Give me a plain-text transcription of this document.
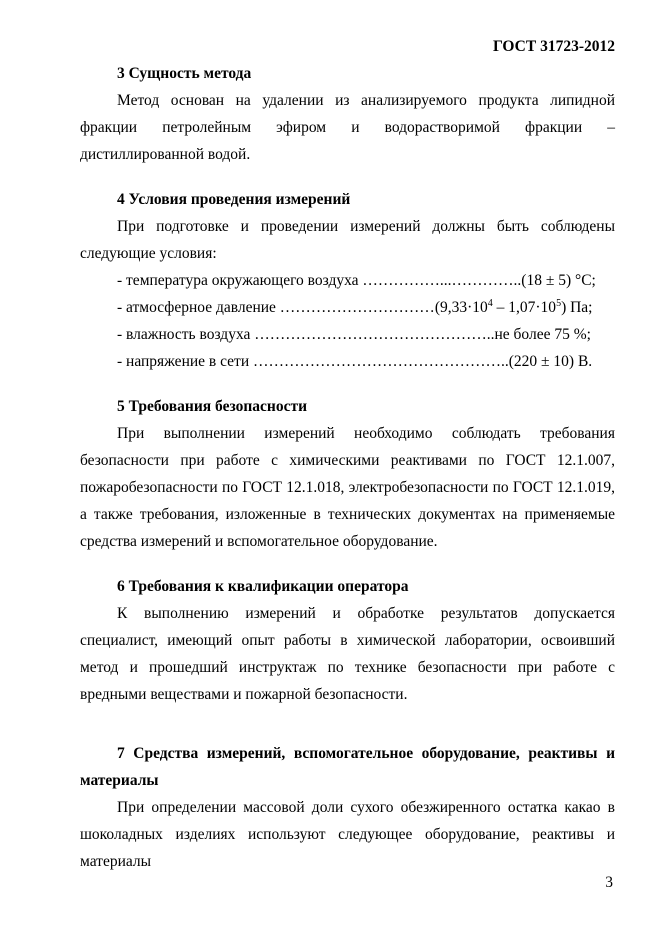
ГОСТ 31723-2012
3 Сущность метода

Метод основан на удалении из анализируемого продукта липидной фракции петролейным эфиром и водорастворимой фракции – дистиллированной водой.

4 Условия проведения измерений

При подготовке и проведении измерений должны быть соблюдены следующие условия:

- температура окружающего воздуха ……………...…………..(18 ± 5) °С;
- атмосферное давление $\dots\dots\dots\dots\dots\dots\dots\dots\dots\dots(9,33\cdot 10^4 - 1,07\cdot 10^5)$ Па;
- влажность воздуха ………………………………………..не более 75 %;
- напряжение в сети …………………………………………..(220 ± 10) В.
5 Требования безопасности

При выполнении измерений необходимо соблюдать требования безопасности при работе с химическими реактивами по ГОСТ 12.1.007, пожаробезопасности по ГОСТ 12.1.018, электробезопасности по ГОСТ 12.1.019, а также требования, изложенные в технических документах на применяемые средства измерений и вспомогательное оборудование.

6 Требования к квалификации оператора

К выполнению измерений и обработке результатов допускается специалист, имеющий опыт работы в химической лаборатории, освоивший метод и прошедший инструктаж по технике безопасности при работе с вредными веществами и пожарной безопасности.

7 Средства измерений, вспомогательное оборудование, реактивы и материалы

При определении массовой доли сухого обезжиренного остатка какао в шоколадных изделиях используют следующее оборудование, реактивы и материалы

3
